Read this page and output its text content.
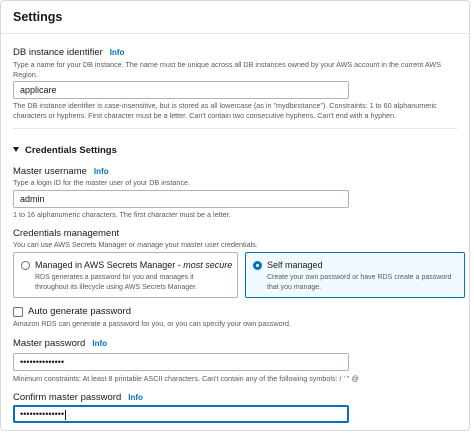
Settings
DB instance identifier Info
Type a name for your DB instance. The name must be unique across all DB instances owned by your AWS account in the current AWS
Region.
applicare
The DB instance identifier is case-insensitive, but is stored as all lowercase (as in "mydbinstance"). Constraints: 1 to 60 alphanumeric
characters or hyphens. First character must be a letter. Can't contain two consecutive hyphens. Can't end with a hyphen.
Credentials Settings
Master username Info
Type a login ID for the master user of your DB instance.
admin
1 to 16 alphanumeric characters. The first character must be a letter.
Credentials management
You can use AWS Secrets Manager or manage your master user credentials.
Managed in AWS Secrets Manager - most secure
RDS generates a password for you and manages it
throughout its lifecycle using AWS Secrets Manager.
Self managed
Create your own password or have RDS create a password
that you manage.
Auto generate password
Amazon RDS can generate a password for you, or you can specify your own password.
Master password Info
••••••••••••••
Minimum constraints: At least 8 printable ASCII characters. Can't contain any of the following symbols: / ' " @
Confirm master password Info
••••••••••••••
